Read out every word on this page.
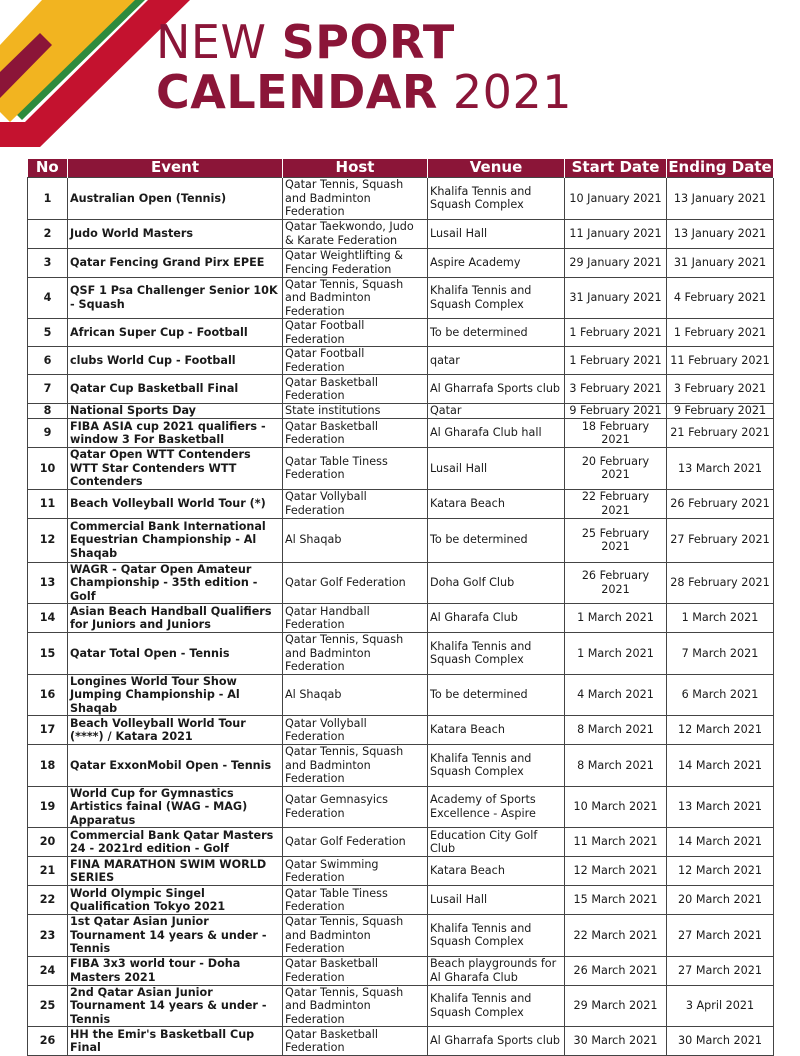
NEW SPORT
CALENDAR 2021
No	Event	Host	Venue	Start Date	Ending Date
1	Australian Open (Tennis)	Qatar Tennis, Squash and Badminton Federation	Khalifa Tennis and Squash Complex	10 January 2021	13 January 2021
2	Judo World Masters	Qatar Taekwondo, Judo & Karate Federation	Lusail Hall	11 January 2021	13 January 2021
3	Qatar Fencing Grand Pirx EPEE	Qatar Weightlifting & Fencing Federation	Aspire Academy	29 January 2021	31 January 2021
4	QSF 1 Psa Challenger Senior 10K - Squash	Qatar Tennis, Squash and Badminton Federation	Khalifa Tennis and Squash Complex	31 January 2021	4 February 2021
5	African Super Cup - Football	Qatar Football Federation	To be determined	1 February 2021	1 February 2021
6	clubs World Cup - Football	Qatar Football Federation	qatar	1 February 2021	11 February 2021
7	Qatar Cup Basketball Final	Qatar Basketball Federation	Al Gharrafa Sports club	3 February 2021	3 February 2021
8	National Sports Day	State institutions	Qatar	9 February 2021	9 February 2021
9	FIBA ASIA cup 2021 qualifiers - window 3 For Basketball	Qatar Basketball Federation	Al Gharafa Club hall	18 February 2021	21 February 2021
10	Qatar Open WTT Contenders WTT Star Contenders WTT Contenders	Qatar Table Tiness Federation	Lusail Hall	20 February 2021	13 March 2021
11	Beach Volleyball World Tour (*)	Qatar Vollyball Federation	Katara Beach	22 February 2021	26 February 2021
12	Commercial Bank International Equestrian Championship - Al Shaqab	Al Shaqab	To be determined	25 February 2021	27 February 2021
13	WAGR - Qatar Open Amateur Championship - 35th edition - Golf	Qatar Golf Federation	Doha Golf Club	26 February 2021	28 February 2021
14	Asian Beach Handball Qualifiers for Juniors and Juniors	Qatar Handball Federation	Al Gharafa Club	1 March 2021	1 March 2021
15	Qatar Total Open - Tennis	Qatar Tennis, Squash and Badminton Federation	Khalifa Tennis and Squash Complex	1 March 2021	7 March 2021
16	Longines World Tour Show Jumping Championship - Al Shaqab	Al Shaqab	To be determined	4 March 2021	6 March 2021
17	Beach Volleyball World Tour (****) / Katara 2021	Qatar Vollyball Federation	Katara Beach	8 March 2021	12 March 2021
18	Qatar ExxonMobil Open - Tennis	Qatar Tennis, Squash and Badminton Federation	Khalifa Tennis and Squash Complex	8 March 2021	14 March 2021
19	World Cup for Gymnastics Artistics fainal (WAG - MAG) Apparatus	Qatar Gemnasyics Federation	Academy of Sports Excellence - Aspire	10 March 2021	13 March 2021
20	Commercial Bank Qatar Masters 24 - 2021rd edition - Golf	Qatar Golf Federation	Education City Golf Club	11 March 2021	14 March 2021
21	FINA MARATHON SWIM WORLD SERIES	Qatar Swimming Federation	Katara Beach	12 March 2021	12 March 2021
22	World Olympic Singel Qualification Tokyo 2021	Qatar Table Tiness Federation	Lusail Hall	15 March 2021	20 March 2021
23	1st Qatar Asian Junior Tournament 14 years & under - Tennis	Qatar Tennis, Squash and Badminton Federation	Khalifa Tennis and Squash Complex	22 March 2021	27 March 2021
24	FIBA 3x3 world tour - Doha Masters 2021	Qatar Basketball Federation	Beach playgrounds for Al Gharafa Club	26 March 2021	27 March 2021
25	2nd Qatar Asian Junior Tournament 14 years & under - Tennis	Qatar Tennis, Squash and Badminton Federation	Khalifa Tennis and Squash Complex	29 March 2021	3 April 2021
26	HH the Emir's Basketball Cup Final	Qatar Basketball Federation	Al Gharrafa Sports club	30 March 2021	30 March 2021
